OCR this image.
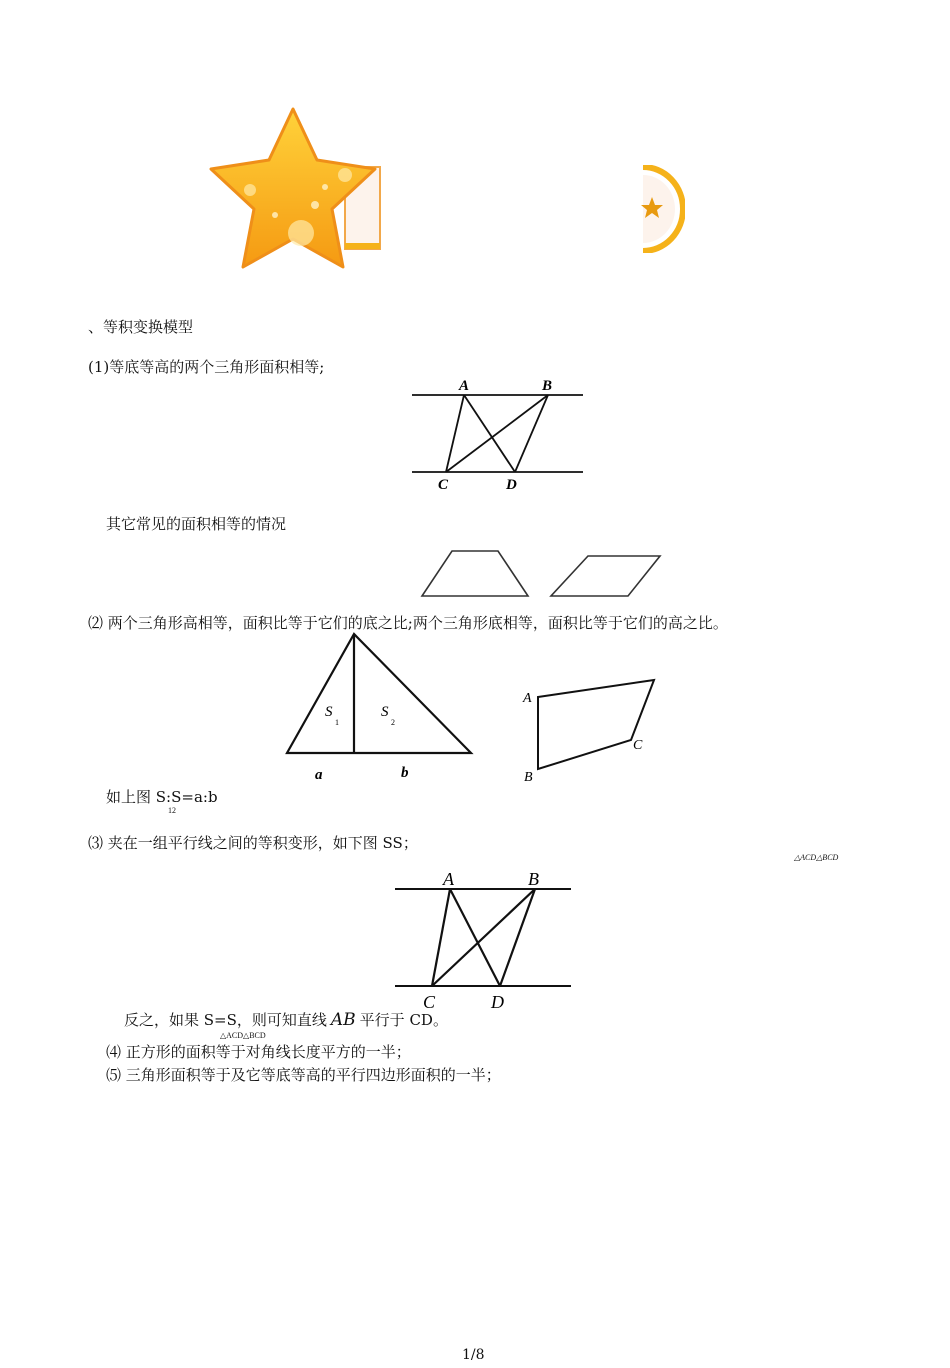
、等积变换模型
(1)等底等高的两个三角形面积相等;
A	B
C	D
其它常见的面积相等的情况
⑵ 两个三角形高相等，面积比等于它们的底之比;两个三角形底相等，面积比等于它们的高之比。
S
1
S
2
a	b
A
B
C
如上图 S:S=a:b
12
⑶ 夹在一组平行线之间的等积变形，如下图 SS；
△ACD△BCD
A	B
C	D
反之，如果 S=S，则可知直线 AB 平行于 CD。
△ACD△BCD
⑷ 正方形的面积等于对角线长度平方的一半；
⑸ 三角形面积等于及它等底等高的平行四边形面积的一半；
1/8
